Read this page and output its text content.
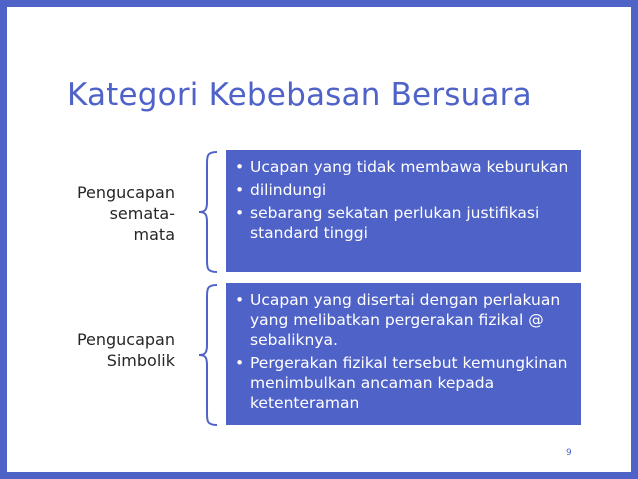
Kategori Kebebasan Bersuara
Pengucapan
semata-
mata
• Ucapan yang tidak membawa keburukan
• dilindungi
• sebarang sekatan perlukan justifikasi standard tinggi
Pengucapan
Simbolik
• Ucapan yang disertai dengan perlakuan yang melibatkan pergerakan fizikal @ sebaliknya.
• Pergerakan fizikal tersebut kemungkinan menimbulkan ancaman kepada ketenteraman
9
